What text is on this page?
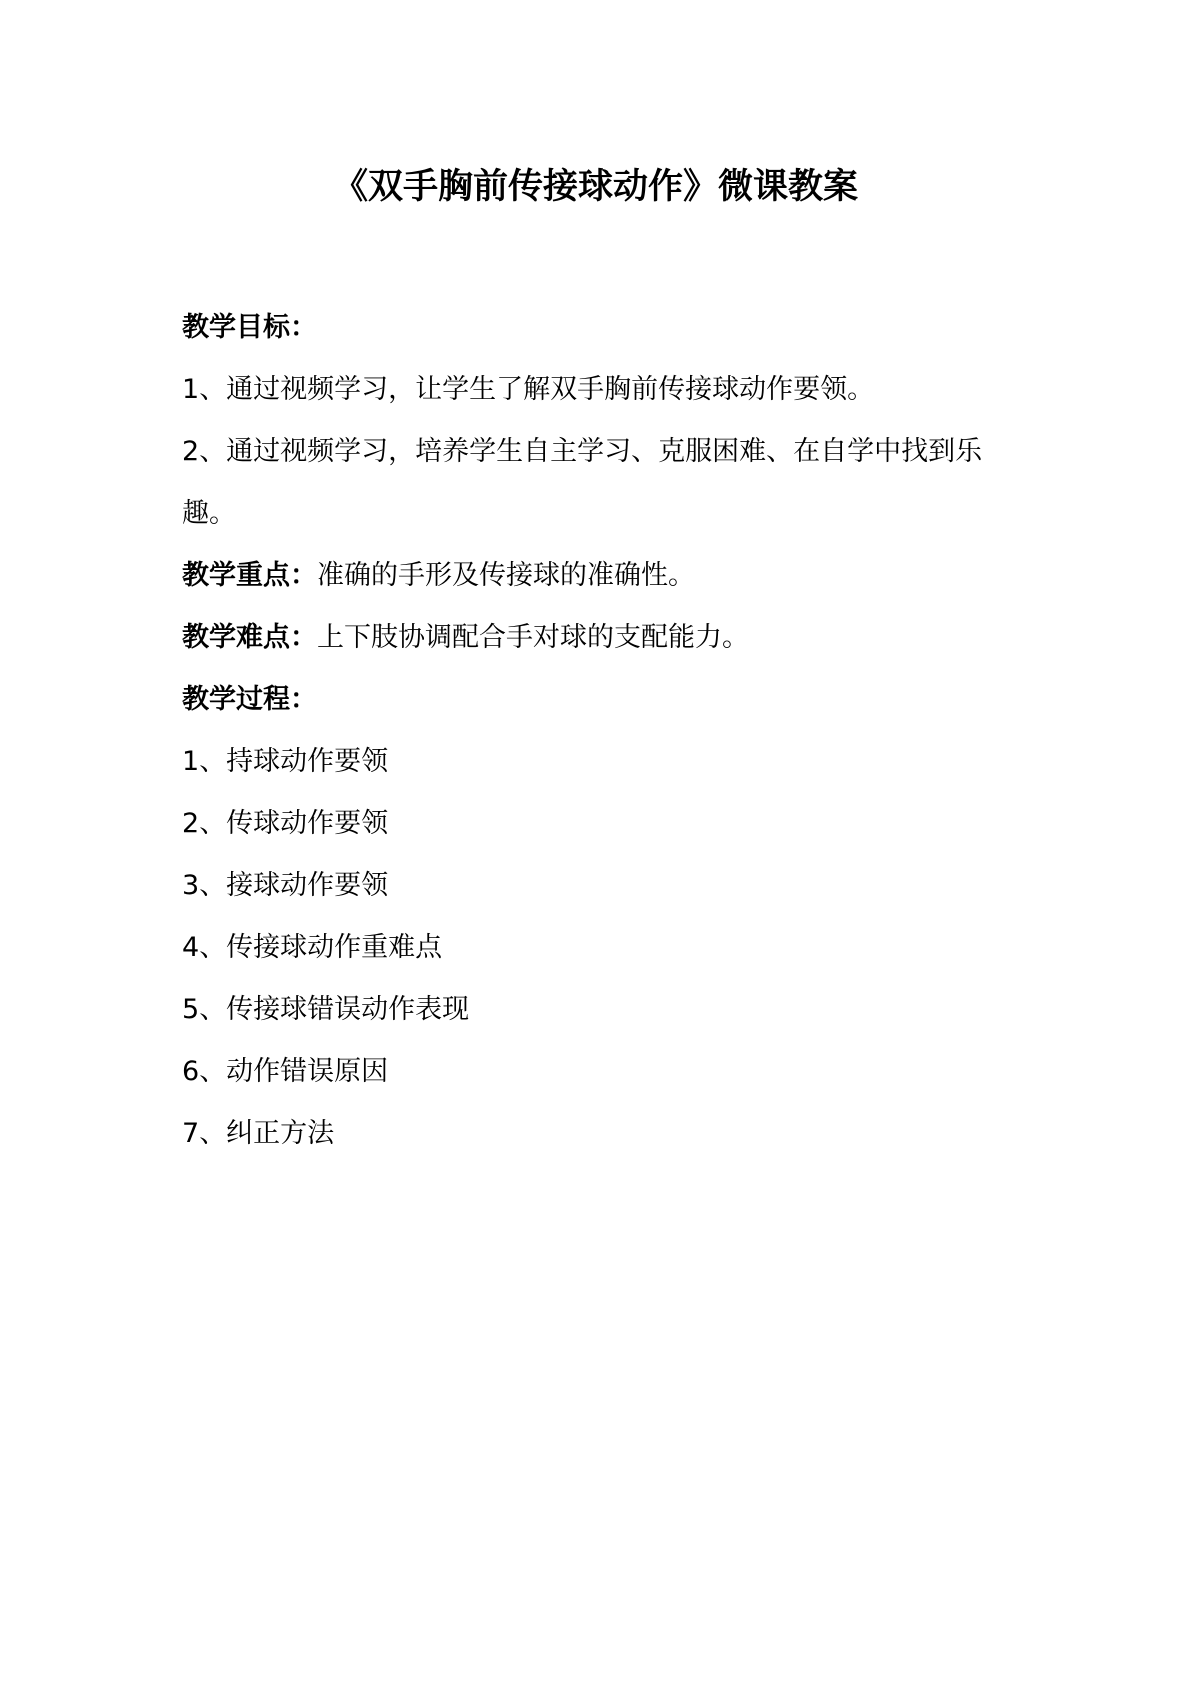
《双手胸前传接球动作》微课教案
教学目标：
1、通过视频学习，让学生了解双手胸前传接球动作要领。
2、通过视频学习，培养学生自主学习、克服困难、在自学中找到乐趣。
教学重点：准确的手形及传接球的准确性。
教学难点：上下肢协调配合手对球的支配能力。
教学过程：
1、持球动作要领
2、传球动作要领
3、接球动作要领
4、传接球动作重难点
5、传接球错误动作表现
6、动作错误原因
7、纠正方法
